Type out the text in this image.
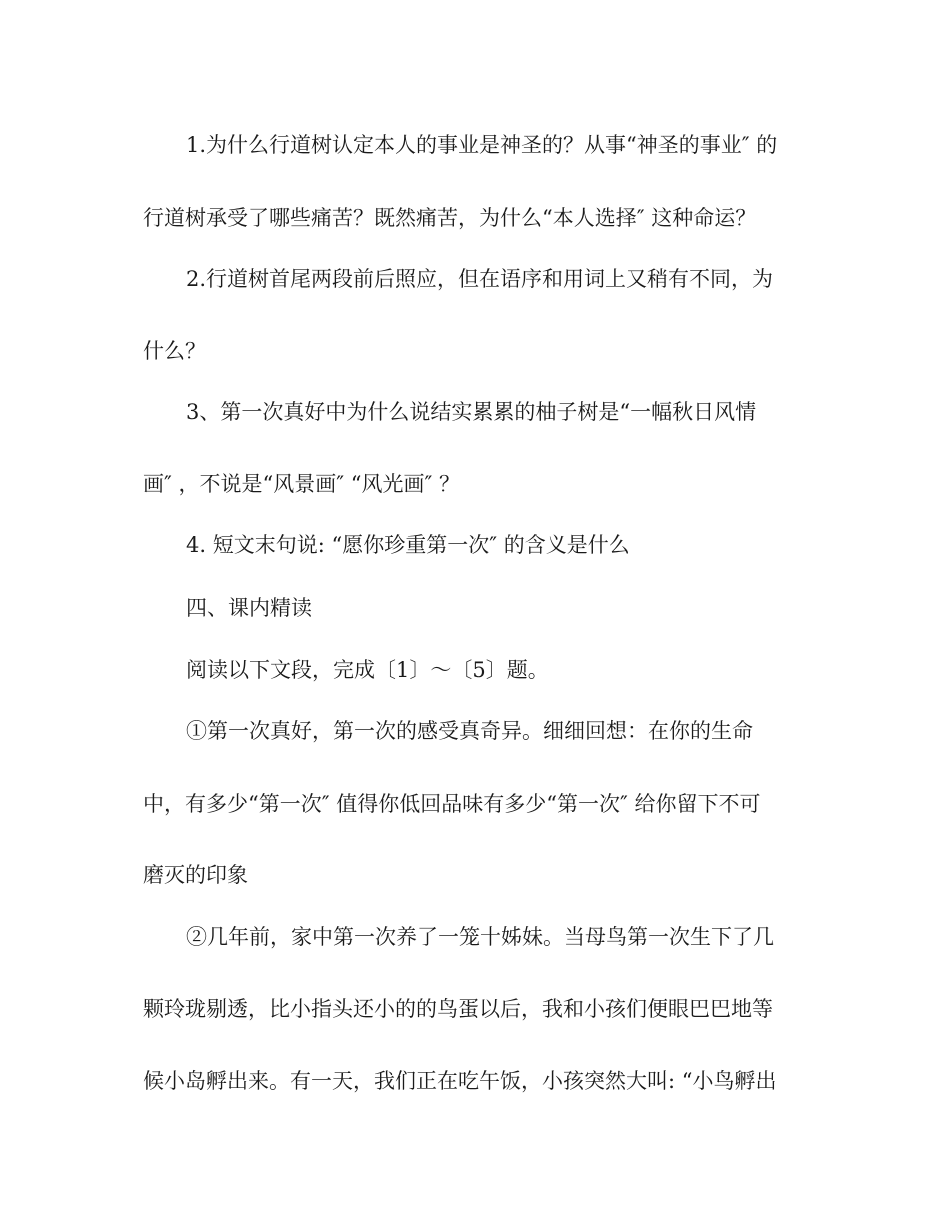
1.为什么行道树认定本人的事业是神圣的？从事“神圣的事业″ 的
行道树承受了哪些痛苦？既然痛苦，为什么“本人选择″ 这种命运？
2.行道树首尾两段前后照应，但在语序和用词上又稍有不同，为
什么？
3、第一次真好中为什么说结实累累的柚子树是“一幅秋日风情
画″ ，不说是“风景画″ “风光画″ ？
4. 短文末句说: “愿你珍重第一次″ 的含义是什么
四、课内精读
阅读以下文段，完成〔1〕～〔5〕题。
①第一次真好，第一次的感受真奇异。细细回想：在你的生命
中，有多少“第一次″ 值得你低回品味有多少“第一次″ 给你留下不可
磨灭的印象
②几年前，家中第一次养了一笼十姊妹。当母鸟第一次生下了几
颗玲珑剔透，比小指头还小的的鸟蛋以后，我和小孩们便眼巴巴地等
候小岛孵出来。有一天，我们正在吃午饭，小孩突然大叫: “小鸟孵出
